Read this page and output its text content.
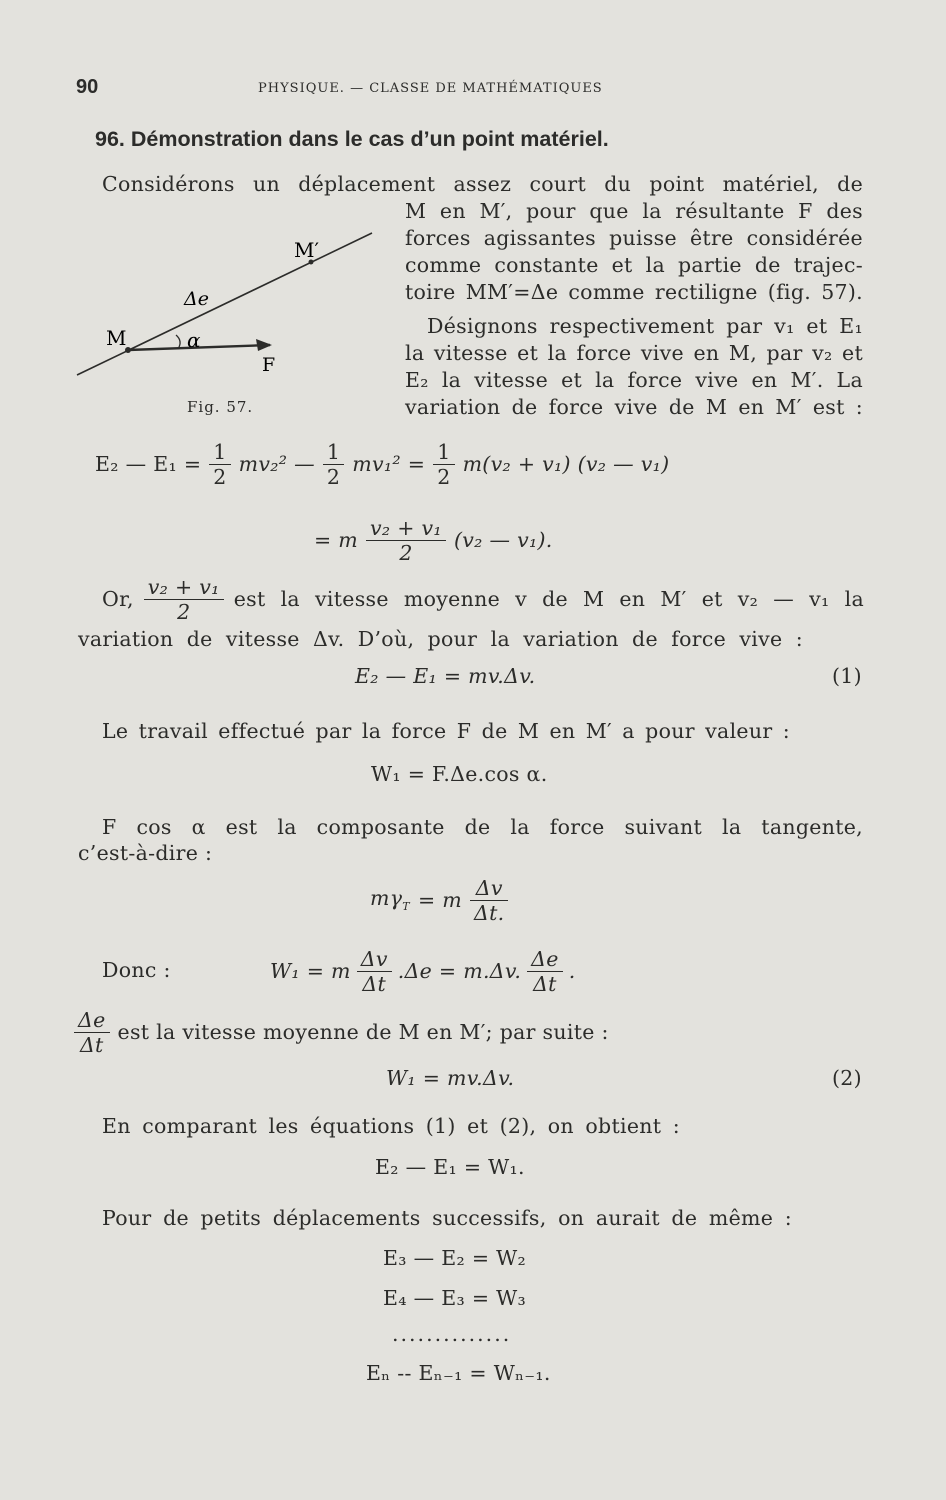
90	PHYSIQUE. — CLASSE DE MATHÉMATIQUES
96. Démonstration dans le cas d’un point matériel.
Considérons un déplacement assez court du point matériel, de
M en M′, pour que la résultante F des
forces agissantes puisse être considérée
comme constante et la partie de trajec-
toire MM′=Δe comme rectiligne (fig. 57).
M
M′
Δe
α
F
Fig. 57.
Désignons respectivement par v₁ et E₁
la vitesse et la force vive en M, par v₂ et
E₂ la vitesse et la force vive en M′. La
variation de force vive de M en M′ est :
E₂ — $E_1 = \frac{1}{2} mv_2^2$ — $\frac{1}{2} mv_1^2 = \frac{1}{2} m(v_2 + v_1)$ (v₂ — v₁)
= m $\frac{\text{v₂ + v₁}}{2} (v_2$ — v₁).
Or, $\frac{\text{v₂ + v₁}}{2}$ est la vitesse moyenne v de M en M′ et v₂ — v₁ la
variation de vitesse Δv. D’où, pour la variation de force vive :
E₂ — E₁ = mv.Δv.	(1)
Le travail effectué par la force F de M en M′ a pour valeur :
W₁ = F.Δe.cos α.
F cos α est la composante de la force suivant la tangente,
c’est-à-dire :
$m\gamma_T = m \frac{\Delta v}{\Delta t.}$
Donc :	W₁ = m $\frac{\Delta v}{\Delta t} .\Delta e = m.\Delta v$. $\frac{\Delta e}{\Delta t}$ .
$\frac{\Delta e}{\Delta t}$ est la vitesse moyenne de M en M′; par suite :
W₁ = mv.Δv.	(2)
En comparant les équations (1) et (2), on obtient :
E₂ — E₁ = W₁.
Pour de petits déplacements successifs, on aurait de même :
E₃ — E₂ = W₂
E₄ — E₃ = W₃
..............
Eₙ -- Eₙ₋₁ = Wₙ₋₁.
